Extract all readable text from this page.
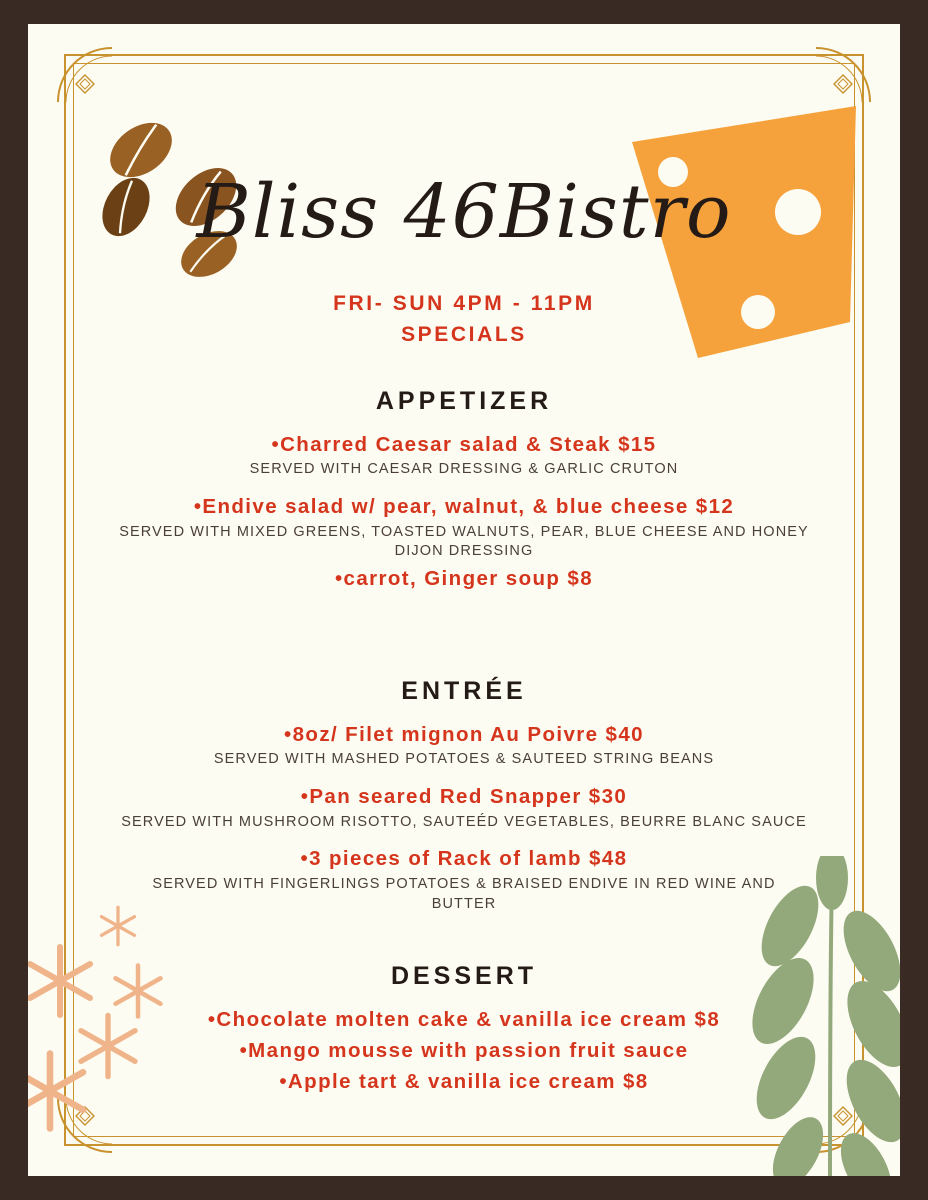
Bliss 46Bistro
FRI- SUN 4PM - 11PM
SPECIALS
APPETIZER
•Charred Caesar salad & Steak $15
SERVED WITH CAESAR DRESSING & GARLIC CRUTON
•Endive salad w/ pear, walnut, & blue cheese $12
SERVED WITH MIXED GREENS, TOASTED WALNUTS, PEAR, BLUE CHEESE AND HONEY DIJON DRESSING
•carrot, Ginger soup $8
ENTRÉE
•8oz/ Filet mignon Au Poivre $40
SERVED WITH MASHED POTATOES & SAUTEED STRING BEANS
•Pan seared Red Snapper $30
SERVED WITH MUSHROOM RISOTTO, SAUTEÉD VEGETABLES, BEURRE BLANC SAUCE
•3 pieces of Rack of lamb $48
SERVED WITH FINGERLINGS POTATOES & BRAISED ENDIVE IN RED WINE AND BUTTER
DESSERT
•Chocolate molten cake & vanilla ice cream $8
•Mango mousse with passion fruit sauce
•Apple tart & vanilla ice cream $8
